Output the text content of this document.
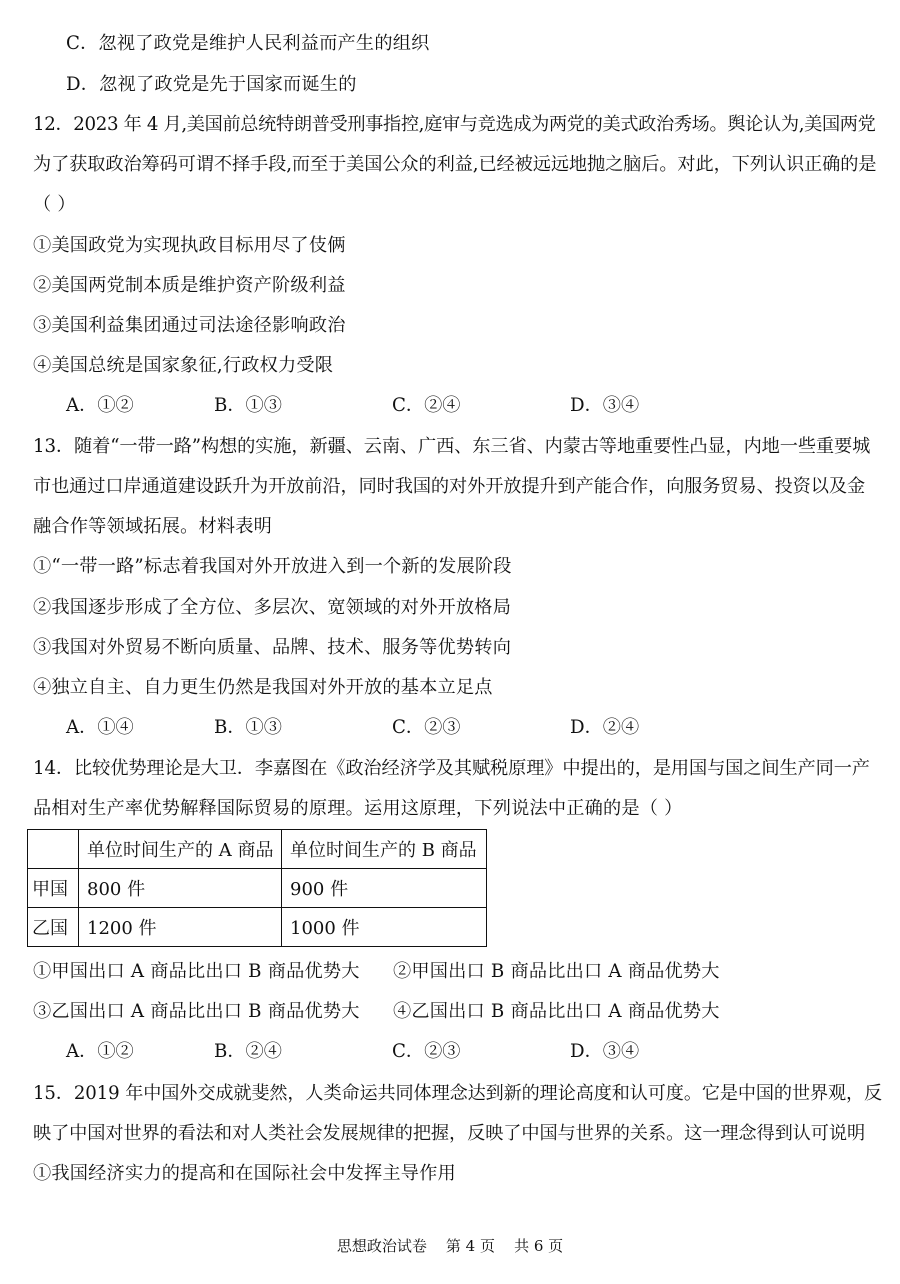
C．忽视了政党是维护人民利益而产生的组织
D．忽视了政党是先于国家而诞生的
12．2023 年 4 月,美国前总统特朗普受刑事指控,庭审与竞选成为两党的美式政治秀场。舆论认为,美国两党
为了获取政治筹码可谓不择手段,而至于美国公众的利益,已经被远远地抛之脑后。对此，下列认识正确的是
（ ）
①美国政党为实现执政目标用尽了伎俩
②美国两党制本质是维护资产阶级利益
③美国利益集团通过司法途径影响政治
④美国总统是国家象征,行政权力受限
A．①②	B．①③	C．②④	D．③④
13．随着“一带一路”构想的实施，新疆、云南、广西、东三省、内蒙古等地重要性凸显，内地一些重要城
市也通过口岸通道建设跃升为开放前沿，同时我国的对外开放提升到产能合作，向服务贸易、投资以及金
融合作等领域拓展。材料表明
①“一带一路”标志着我国对外开放进入到一个新的发展阶段
②我国逐步形成了全方位、多层次、宽领域的对外开放格局
③我国对外贸易不断向质量、品牌、技术、服务等优势转向
④独立自主、自力更生仍然是我国对外开放的基本立足点
A．①④	B．①③	C．②③	D．②④
14．比较优势理论是大卫．李嘉图在《政治经济学及其赋税原理》中提出的，是用国与国之间生产同一产
品相对生产率优势解释国际贸易的原理。运用这原理，下列说法中正确的是（ ）
	单位时间生产的 A 商品	单位时间生产的 B 商品
甲国	800 件	900 件
乙国	1200 件	1000 件
①甲国出口 A 商品比出口 B 商品优势大 ②甲国出口 B 商品比出口 A 商品优势大
③乙国出口 A 商品比出口 B 商品优势大 ④乙国出口 B 商品比出口 A 商品优势大
A．①②	B．②④	C．②③	D．③④
15．2019 年中国外交成就斐然，人类命运共同体理念达到新的理论高度和认可度。它是中国的世界观，反
映了中国对世界的看法和对人类社会发展规律的把握，反映了中国与世界的关系。这一理念得到认可说明
①我国经济实力的提高和在国际社会中发挥主导作用
思想政治试卷    第 4 页    共 6 页
